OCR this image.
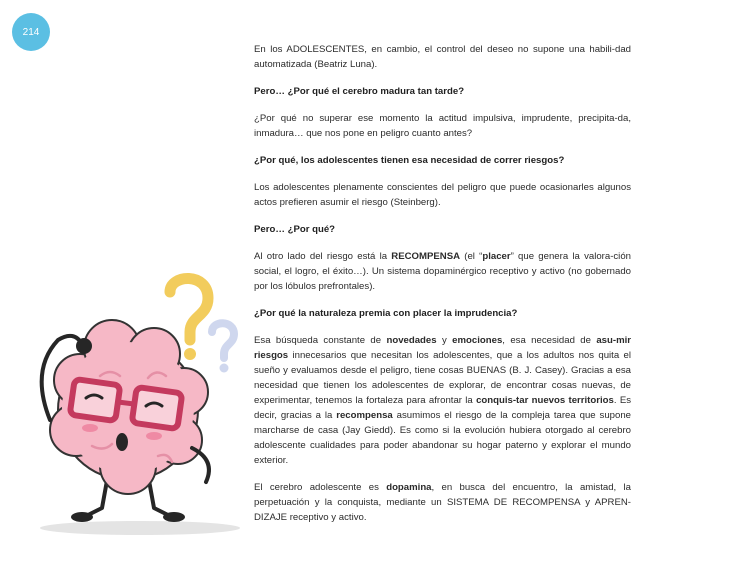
214

En los ADOLESCENTES, en cambio, el control del deseo no supone una habili-dad automatizada (Beatriz Luna).

Pero… ¿Por qué el cerebro madura tan tarde?

¿Por qué no superar ese momento la actitud impulsiva, imprudente, precipita-da, inmadura… que nos pone en peligro cuanto antes?

¿Por qué, los adolescentes tienen esa necesidad de correr riesgos?

Los adolescentes plenamente conscientes del peligro que puede ocasionarles algunos actos prefieren asumir el riesgo (Steinberg).

Pero… ¿Por qué?

Al otro lado del riesgo está la RECOMPENSA (el “placer” que genera la valora-ción social, el logro, el éxito…). Un sistema dopaminérgico receptivo y activo (no gobernado por los lóbulos prefrontales).

¿Por qué la naturaleza premia con placer la imprudencia?

Esa búsqueda constante de novedades y emociones, esa necesidad de asu-mir riesgos innecesarios que necesitan los adolescentes, que a los adultos nos quita el sueño y evaluamos desde el peligro, tiene cosas BUENAS (B. J. Casey). Gracias a esa necesidad que tienen los adolescentes de explorar, de encontrar cosas nuevas, de experimentar, tenemos la fortaleza para afrontar la conquis-tar nuevos territorios. Es decir, gracias a la recompensa asumimos el riesgo de la compleja tarea que supone marcharse de casa (Jay Giedd). Es como si la evolución hubiera otorgado al cerebro adolescente cualidades para poder abandonar su hogar paterno y explorar el mundo exterior.

El cerebro adolescente es dopamina, en busca del encuentro, la amistad, la perpetuación y la conquista, mediante un SISTEMA DE RECOMPENSA y APREN-DIZAJE receptivo y activo.
